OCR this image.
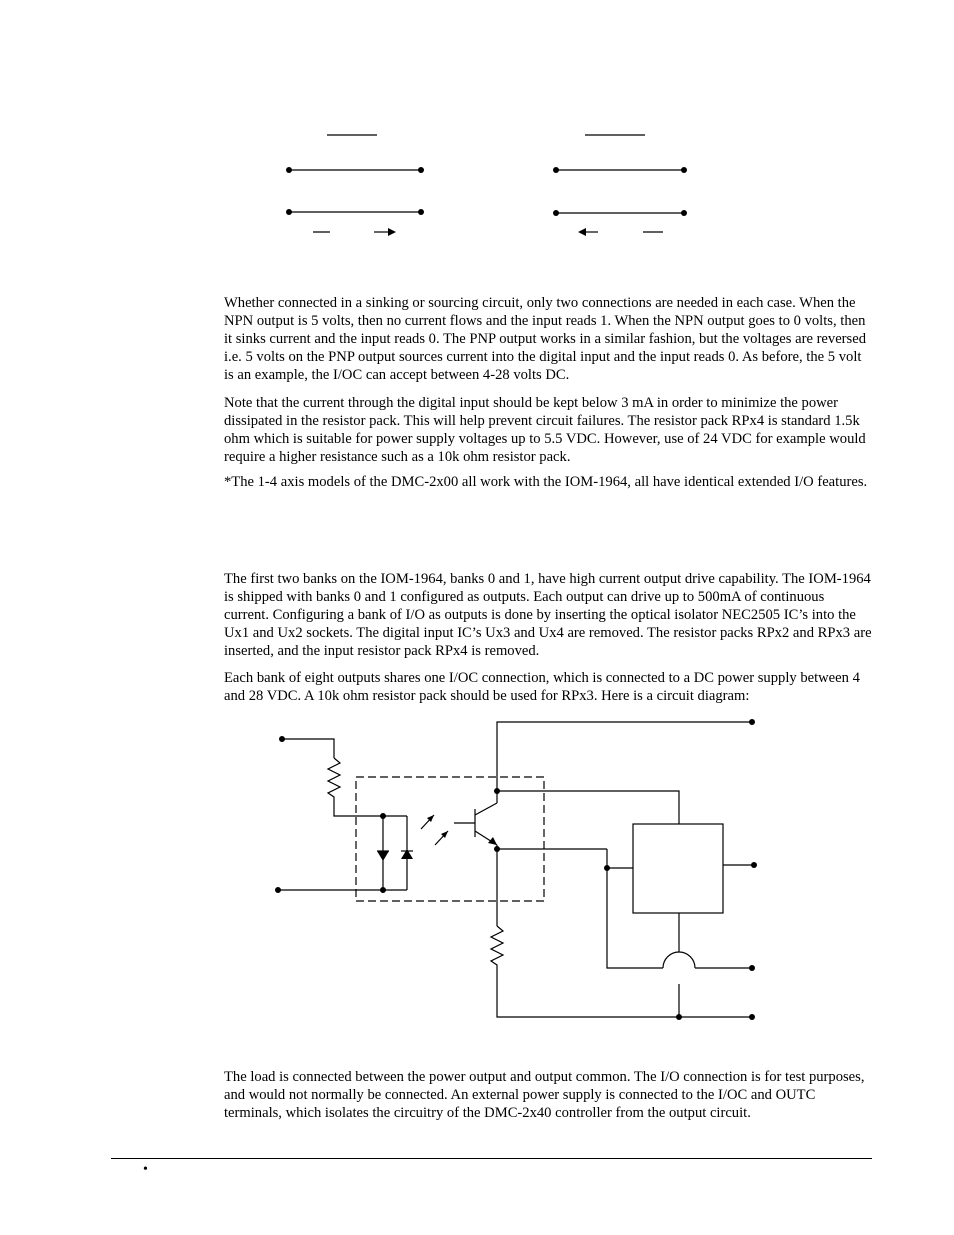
Whether connected in a sinking or sourcing circuit, only two connections are needed in each case. When the NPN output is 5 volts, then no current flows and the input reads 1. When the NPN output goes to 0 volts, then it sinks current and the input reads 0. The PNP output works in a similar fashion, but the voltages are reversed i.e. 5 volts on the PNP output sources current into the digital input and the input reads 0. As before, the 5 volt is an example, the I/OC can accept between 4-28 volts DC.

Note that the current through the digital input should be kept below 3 mA in order to minimize the power dissipated in the resistor pack. This will help prevent circuit failures. The resistor pack RPx4 is standard 1.5k ohm which is suitable for power supply voltages up to 5.5 VDC. However, use of 24 VDC for example would require a higher resistance such as a 10k ohm resistor pack.

*The 1-4 axis models of the DMC-2x00 all work with the IOM-1964, all have identical extended I/O features.

The first two banks on the IOM-1964, banks 0 and 1, have high current output drive capability. The IOM-1964 is shipped with banks 0 and 1 configured as outputs. Each output can drive up to 500mA of continuous current. Configuring a bank of I/O as outputs is done by inserting the optical isolator NEC2505 IC’s into the Ux1 and Ux2 sockets. The digital input IC’s Ux3 and Ux4 are removed. The resistor packs RPx2 and RPx3 are inserted, and the input resistor pack RPx4 is removed.

Each bank of eight outputs shares one I/OC connection, which is connected to a DC power supply between 4 and 28 VDC. A 10k ohm resistor pack should be used for RPx3. Here is a circuit diagram:

The load is connected between the power output and output common. The I/O connection is for test purposes, and would not normally be connected. An external power supply is connected to the I/OC and OUTC terminals, which isolates the circuitry of the DMC-2x40 controller from the output circuit.

•
